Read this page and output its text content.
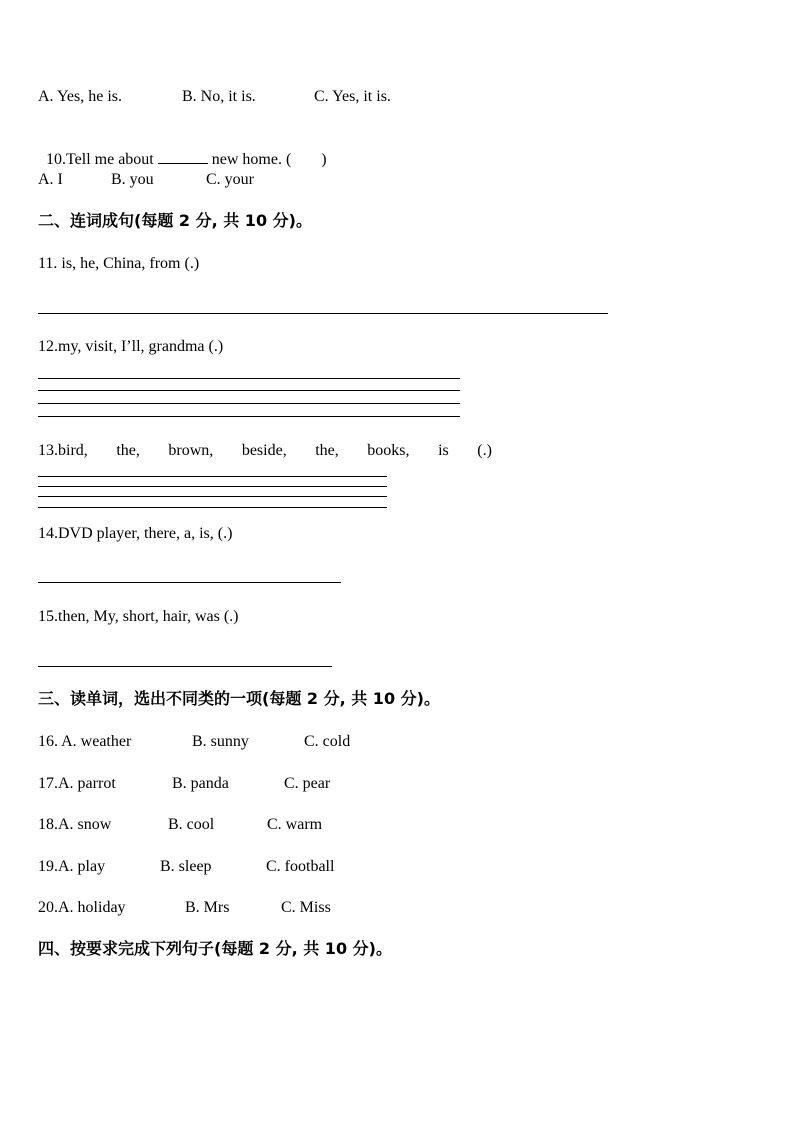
A. Yes, he is.

	B. No, it is.

	C. Yes, it is.

10.Tell me about	new home. ( )

A. I

	B. you

	C. your

二、连词成句(每题 2 分, 共 10 分)。
11. is, he, China, from (.)
12.my, visit, I’ll, grandma (.)
13.bird, the, brown, beside, the, books, is (.)
14.DVD player, there, a, is, (.)
15.then, My, short, hair, was (.)
三、读单词，选出不同类的一项(每题 2 分, 共 10 分)。

16. A. weather

	B. sunny

	C. cold

17.A. parrot

	B. panda

	C. pear

18.A. snow

	B. cool

	C. warm

19.A. play

	B. sleep

	C. football

20.A. holiday

	B. Mrs

	C. Miss

四、按要求完成下列句子(每题 2 分, 共 10 分)。
